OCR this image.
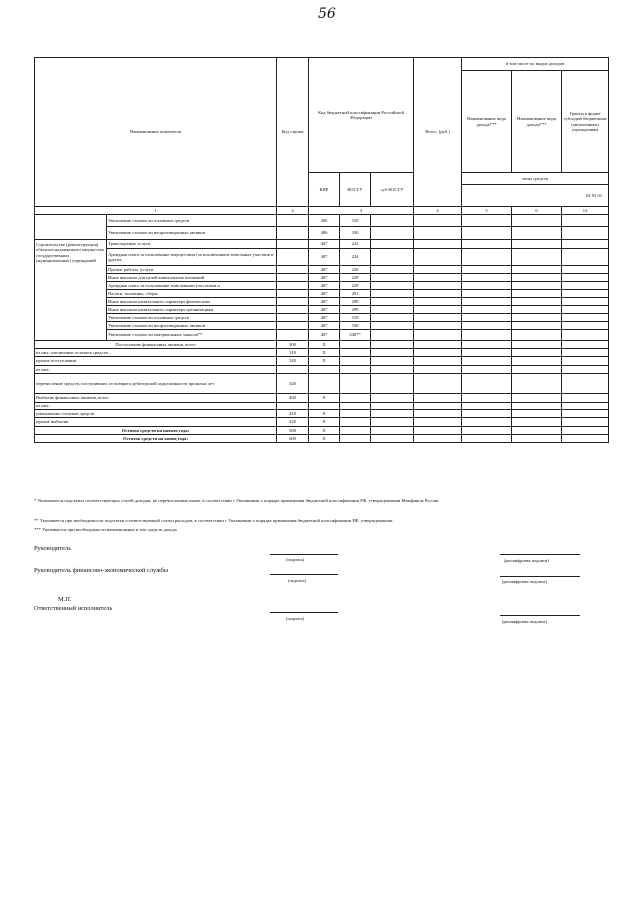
56
Наименование показателя		Код строки	Код бюджетной классификации Российской Федерации			Всего, (руб.)	в том числе по видам доходов		
							Наименование вида дохода***	Наименование вида дохода***	Гранты в форме субсидий бюджетным (автономным) учреждениям
			КВР	КОСГУ	суб КОСГУ		типы средств
02 03 01		

1		2	3			4	5	6	12
	Увеличение стоимости основных средств		406	310					
	Увеличение стоимости непроизведенных активов		406	330					
Строительство (реконструкция) объектов недвижимого имущества государственных (муниципальных) учреждений	Транспортные услуги		407	222					
	Арендная плата за пользование имуществом (за исключением земельных участков и других		407	224					
	Прочие работы, услуги		407	226					
	Иные выплаты для целей капитальных вложений		407	228					
	Арендная плата за пользование земельными участками и		407	229					
	Налоги, пошлины, сборы		407	291					
	Иные выплаты капитального характера физическим		407	298					
	Иные выплаты капитального характера организациям		407	299					
	Увеличение стоимости основных средств		407	310					
	Увеличение стоимости непроизведенных активов		407	330					
	Увеличение стоимости материальных запасов**		407	340**					
Поступление финансовых активов, всего		300	X						
из них: увеличение остатков средств		310	X						
прочие поступления		320	X						
из них:									
перечисление средств, поступивших от возврата дебиторской задолженности прошлых лет		320							
Выбытие финансовых активов, всего		400	X						
из них:									
уменьшение остатков средств		410	X						
прочие выбытия		420	X						
Остаток средств на начало года:		500	X						
Остаток средств на конец года:		600	X						
* Указываются подстатьи соответствующих статей доходов, не перечисленные выше, в соответствии с Указаниями о порядке применения бюджетной классификации РФ, утвержденными Минфином России
** Указывается при необходимости подстатьи соответствующей статьи расходов, в соответствии с Указаниями о порядке применения бюджетной классификации РФ, утвержденными
*** Указывается при необходимости наименование и тип средств дохода
Руководитель
(подпись)	(расшифровка подписи)
Руководитель финансово-экономической службы
(подпись)	(расшифровка подписи)
М.П.
Ответственный исполнитель
(подпись)
(расшифровка подписи)
